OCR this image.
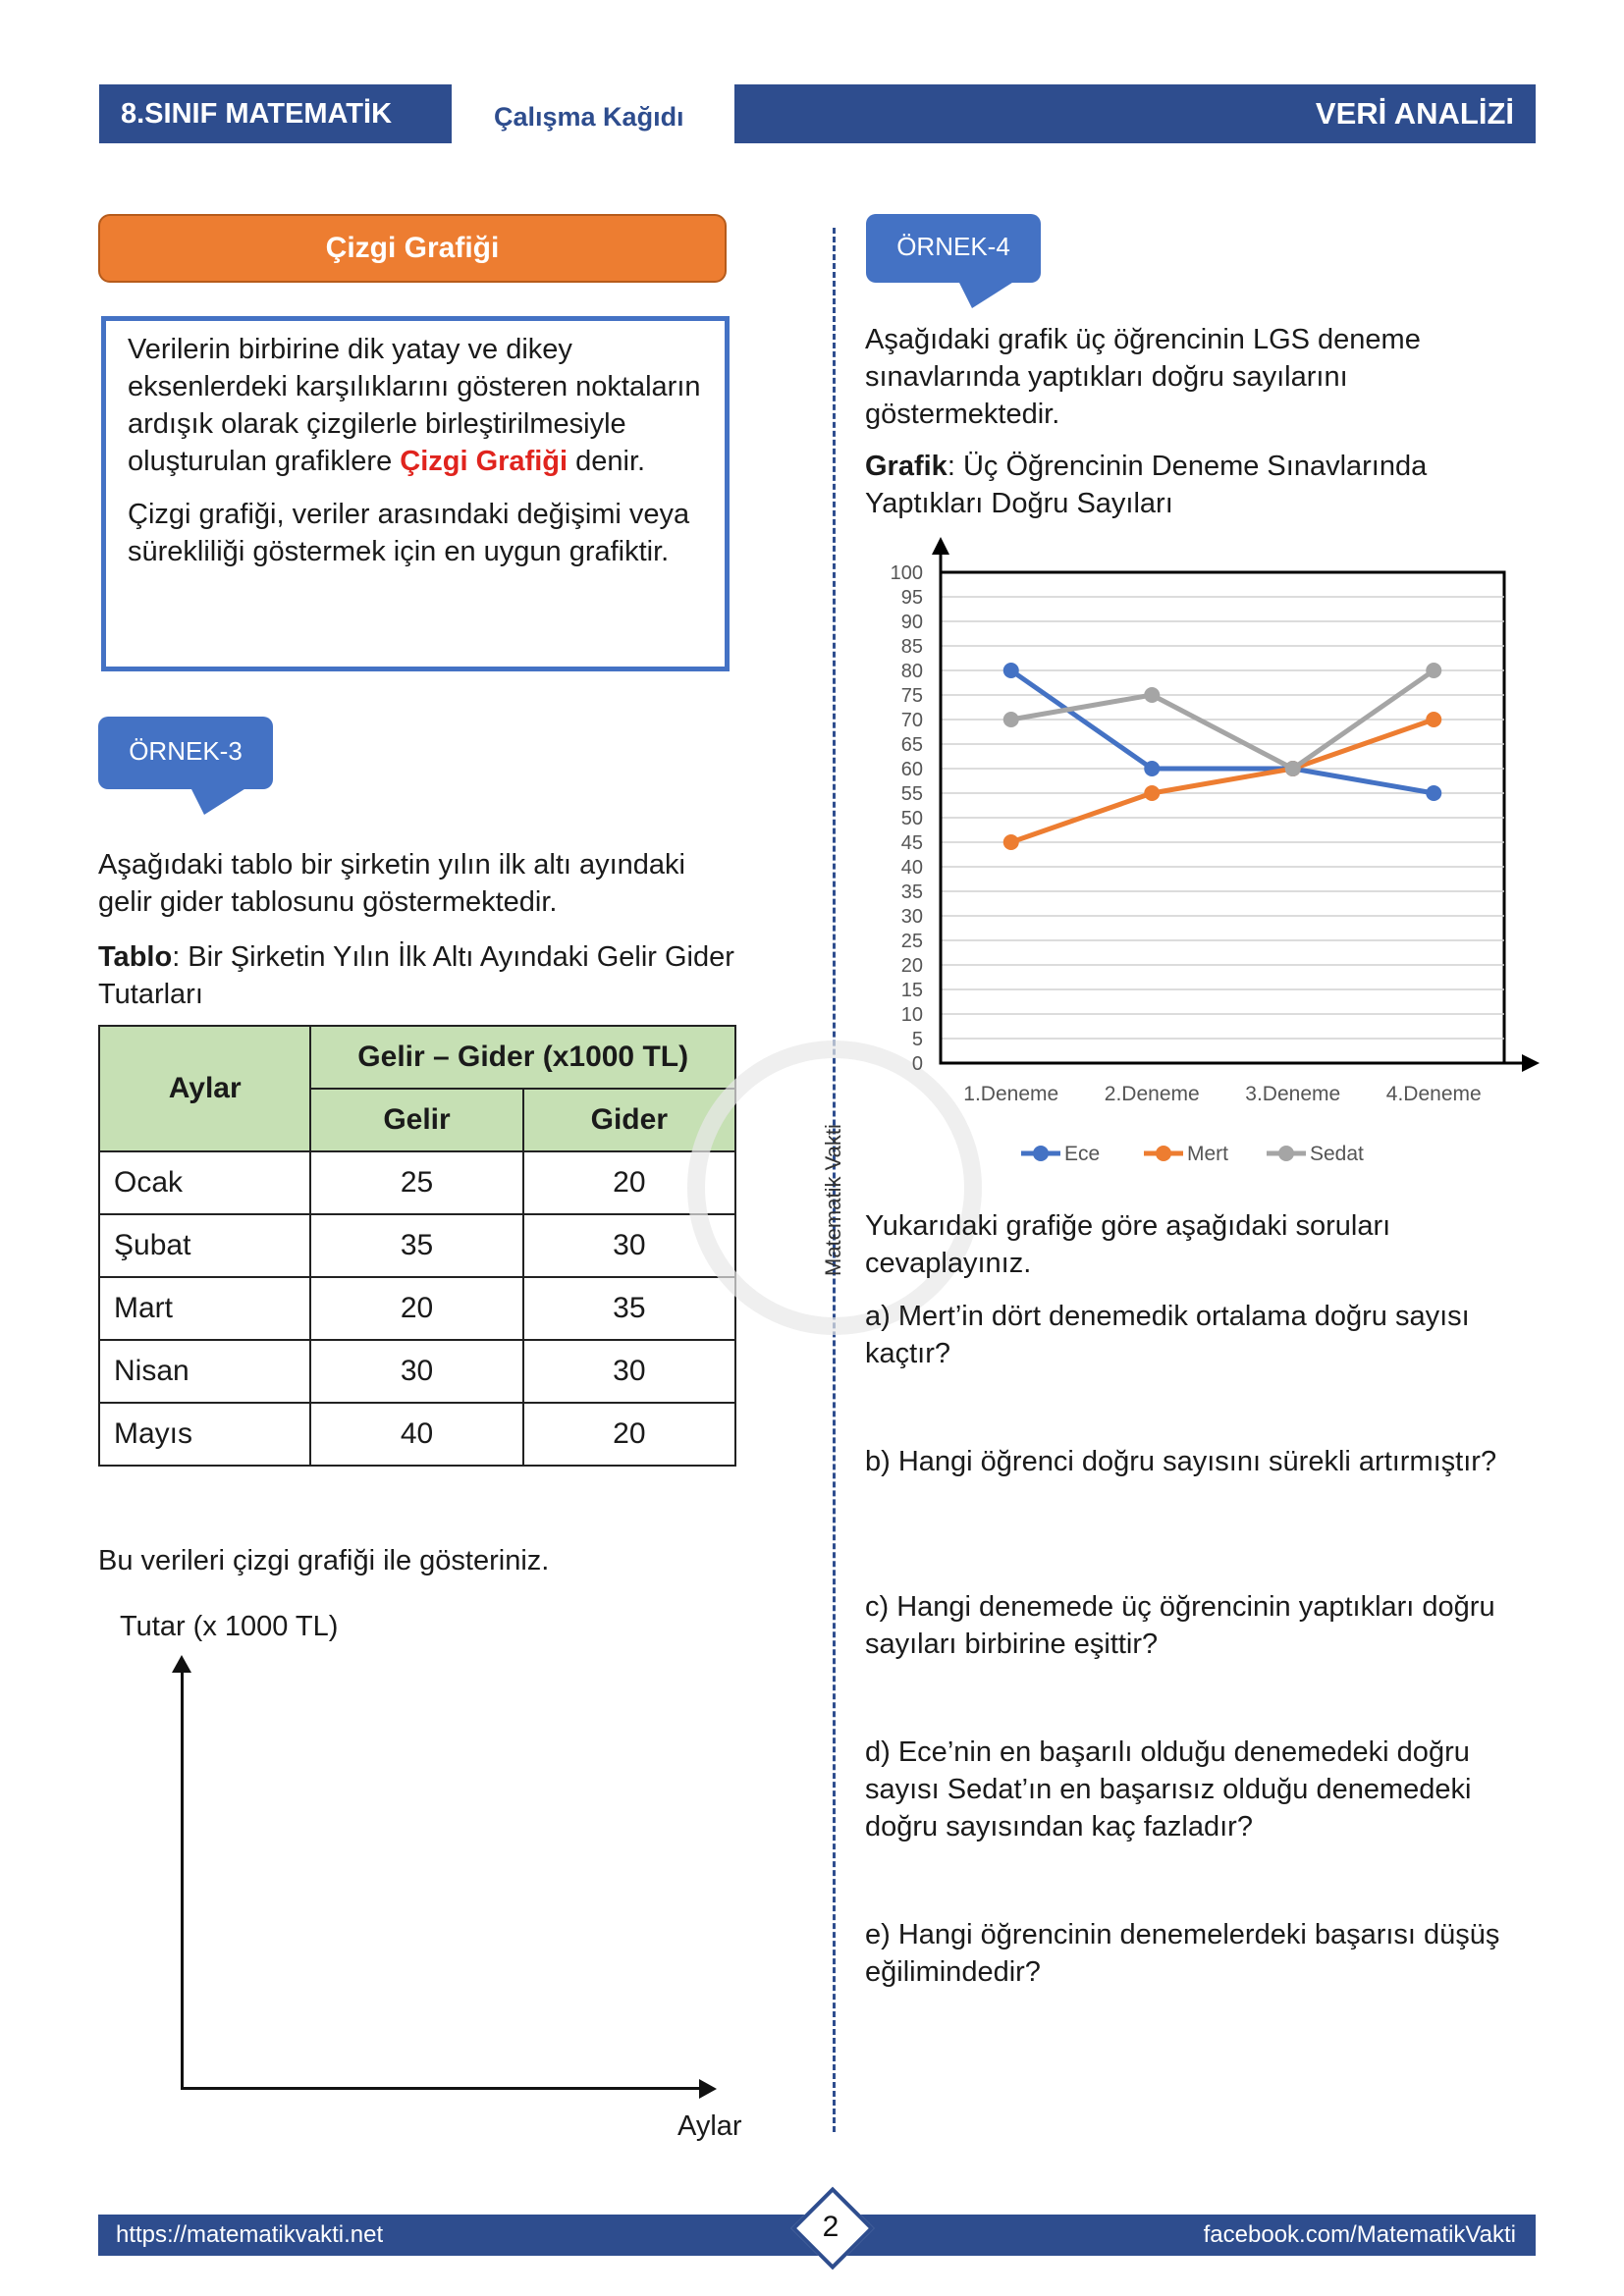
8.SINIF MATEMATİK	Çalışma Kağıdı	VERİ ANALİZİ
Çizgi Grafiği

Verilerin birbirine dik yatay ve dikey eksenlerdeki karşılıklarını gösteren noktaların ardışık olarak çizgilerle birleştirilmesiyle oluşturulan grafiklere Çizgi Grafiği denir.

Çizgi grafiği, veriler arasındaki değişimi veya sürekliliği göstermek için en uygun grafiktir.

ÖRNEK-3
Aşağıdaki tablo bir şirketin yılın ilk altı ayındaki gelir gider tablosunu göstermektedir.
Tablo: Bir Şirketin Yılın İlk Altı Ayındaki Gelir Gider Tutarları
Aylar	Gelir – Gider (x1000 TL)	
	Gelir	Gider
Ocak	25	20
Şubat	35	30
Mart	20	35
Nisan	30	30
Mayıs	40	20
Bu verileri çizgi grafiği ile gösteriniz.
Tutar (x 1000 TL)
Aylar
Matematik Vakti
ÖRNEK-4
Aşağıdaki grafik üç öğrencinin LGS deneme sınavlarında yaptıkları doğru sayılarını göstermektedir.
Grafik: Üç Öğrencinin Deneme Sınavlarında Yaptıkları Doğru Sayıları
0
5
10
15
20
25
30
35
40
45
50
55
60
65
70
75
80
85
90
95
100
1.Deneme 2.Deneme 3.Deneme 4.Deneme
Ece	Mert	Sedat
Yukarıdaki grafiğe göre aşağıdaki soruları cevaplayınız.
a) Mert’in dört denemedik ortalama doğru sayısı kaçtır?
b) Hangi öğrenci doğru sayısını sürekli artırmıştır?
c) Hangi denemede üç öğrencinin yaptıkları doğru sayıları birbirine eşittir?
d) Ece’nin en başarılı olduğu denemedeki doğru sayısı Sedat’ın en başarısız olduğu denemedeki doğru sayısından kaç fazladır?
e) Hangi öğrencinin denemelerdeki başarısı düşüş eğilimindedir?
https://matematikvakti.net	facebook.com/MatematikVakti
2
